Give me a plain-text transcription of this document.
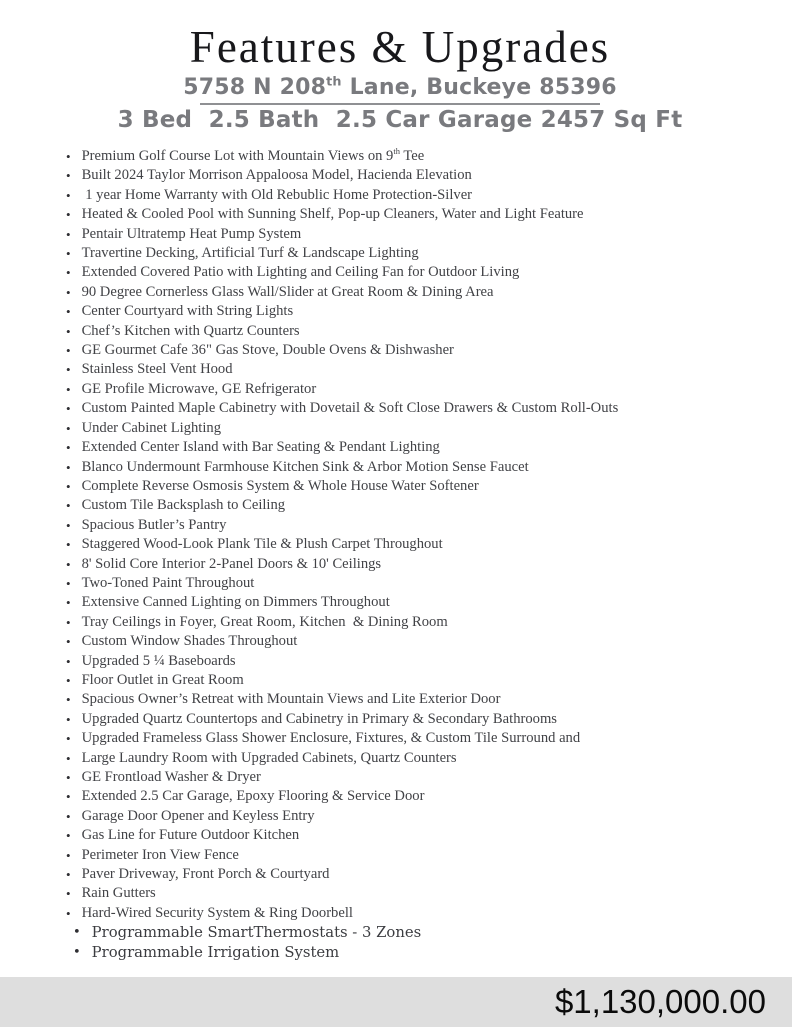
Features & Upgrades
5758 N 208th Lane, Buckeye 85396
3 Bed  2.5 Bath  2.5 Car Garage 2457 Sq Ft
• Premium Golf Course Lot with Mountain Views on 9th Tee
• Built 2024 Taylor Morrison Appaloosa Model, Hacienda Elevation
• 1 year Home Warranty with Old Rebublic Home Protection-Silver
• Heated & Cooled Pool with Sunning Shelf, Pop-up Cleaners, Water and Light Feature
• Pentair Ultratemp Heat Pump System
• Travertine Decking, Artificial Turf & Landscape Lighting
• Extended Covered Patio with Lighting and Ceiling Fan for Outdoor Living
• 90 Degree Cornerless Glass Wall/Slider at Great Room & Dining Area
• Center Courtyard with String Lights
• Chef’s Kitchen with Quartz Counters
• GE Gourmet Cafe 36" Gas Stove, Double Ovens & Dishwasher
• Stainless Steel Vent Hood
• GE Profile Microwave, GE Refrigerator
• Custom Painted Maple Cabinetry with Dovetail & Soft Close Drawers & Custom Roll-Outs
• Under Cabinet Lighting
• Extended Center Island with Bar Seating & Pendant Lighting
• Blanco Undermount Farmhouse Kitchen Sink & Arbor Motion Sense Faucet
• Complete Reverse Osmosis System & Whole House Water Softener
• Custom Tile Backsplash to Ceiling
• Spacious Butler’s Pantry
• Staggered Wood-Look Plank Tile & Plush Carpet Throughout
• 8' Solid Core Interior 2-Panel Doors & 10' Ceilings
• Two-Toned Paint Throughout
• Extensive Canned Lighting on Dimmers Throughout
• Tray Ceilings in Foyer, Great Room, Kitchen  & Dining Room
• Custom Window Shades Throughout
• Upgraded 5 ¼ Baseboards
• Floor Outlet in Great Room
• Spacious Owner’s Retreat with Mountain Views and Lite Exterior Door
• Upgraded Quartz Countertops and Cabinetry in Primary & Secondary Bathrooms
• Upgraded Frameless Glass Shower Enclosure, Fixtures, & Custom Tile Surround and
• Large Laundry Room with Upgraded Cabinets, Quartz Counters
• GE Frontload Washer & Dryer
• Extended 2.5 Car Garage, Epoxy Flooring & Service Door
• Garage Door Opener and Keyless Entry
• Gas Line for Future Outdoor Kitchen
• Perimeter Iron View Fence
• Paver Driveway, Front Porch & Courtyard
• Rain Gutters
• Hard-Wired Security System & Ring Doorbell
• Programmable SmartThermostats - 3 Zones
• Programmable Irrigation System
$1,130,000.00
